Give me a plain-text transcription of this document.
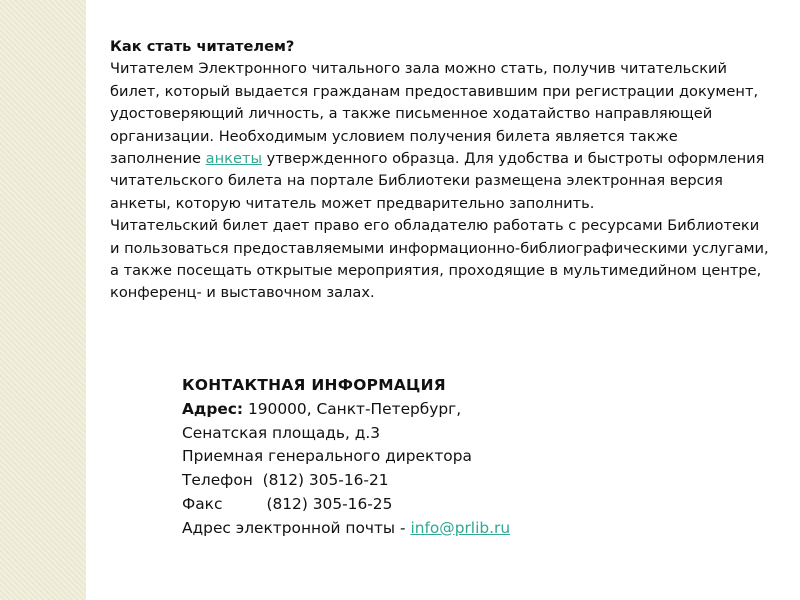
Как стать читателем?

Читателем Электронного читального зала можно стать, получив читательский билет, который выдается гражданам предоставившим при регистрации документ, удостоверяющий личность, а также письменное ходатайство направляющей организации. Необходимым условием получения билета является также заполнение анкеты утвержденного образца. Для удобства и быстроты оформления читательского билета на портале Библиотеки размещена электронная версия анкеты, которую читатель может предварительно заполнить.

Читательский билет дает право его обладателю работать с ресурсами Библиотеки и пользоваться предоставляемыми информационно-библиографическими услугами, а также посещать открытые мероприятия, проходящие в мультимедийном центре, конференц- и выставочном залах.

КОНТАКТНАЯ ИНФОРМАЦИЯ

Адрес: 190000, Санкт-Петербург,

Сенатская площадь, д.3

Приемная генерального директора

Телефон (812) 305-16-21

Факс	(812) 305-16-25

Адрес электронной почты - info@prlib.ru
